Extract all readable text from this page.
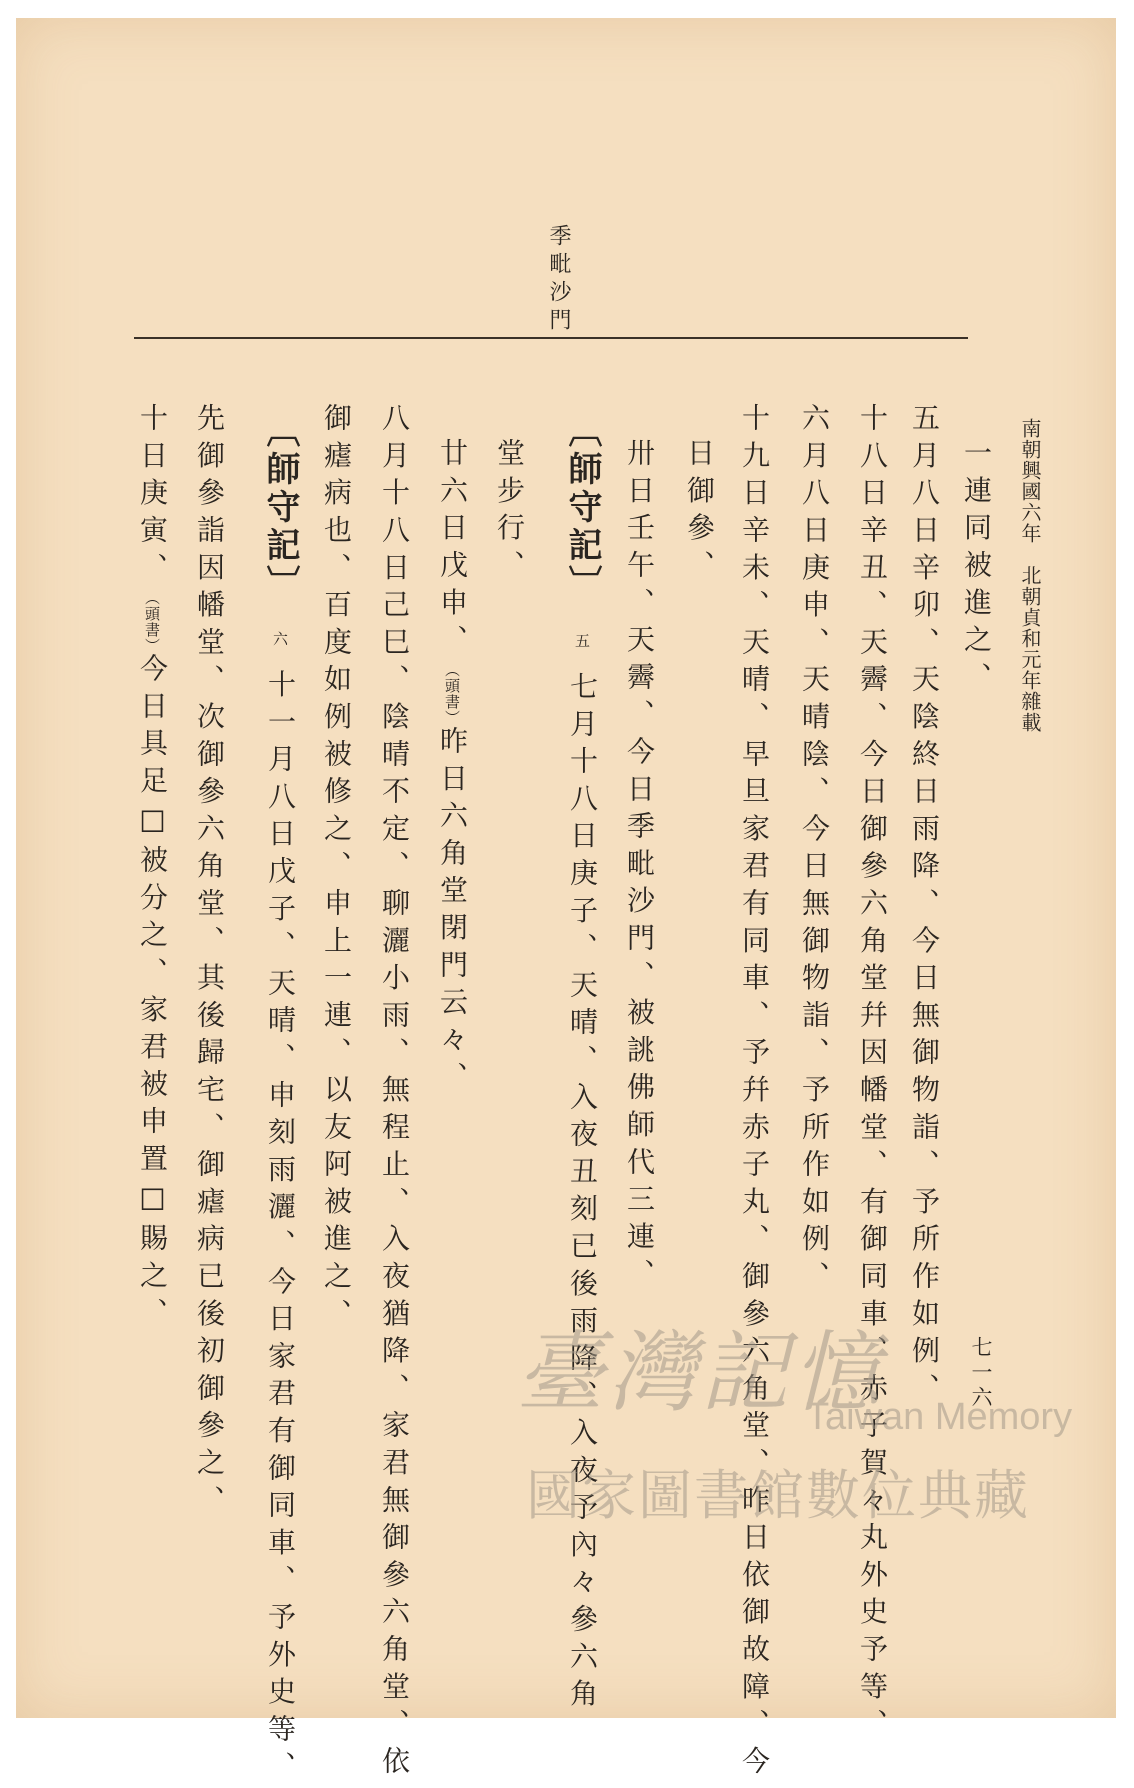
南朝興國六年　北朝貞和元年雜載
季毗沙門
七一六
一連同被進之、
五月八日辛卯、天陰終日雨降、今日無御物詣、予所作如例、
十八日辛丑、天霽、今日御參六角堂幷因幡堂、有御同車、赤子賀々丸外史予等、
六月八日庚申、天晴陰、今日無御物詣、予所作如例、
十九日辛未、天晴、早旦家君有同車、予幷赤子丸、御參六角堂、昨日依御故障、今
日御參、
卅日壬午、天霽、今日季毗沙門、被誂佛師代三連、
〔師守記〕五七月十八日庚子、天晴、入夜丑刻已後雨降、入夜予內々參六角
堂步行、
廿六日戊申、（頭書）昨日六角堂閉門云々、
八月十八日己巳、陰晴不定、聊灑小雨、無程止、入夜猶降、家君無御參六角堂、依
御瘧病也、百度如例被修之、申上一連、以友阿被進之、
〔師守記〕六十一月八日戊子、天晴、申刻雨灑、今日家君有御同車、予外史等、
先御參詣因幡堂、次御參六角堂、其後歸宅、御瘧病已後初御參之、
十日庚寅、（頭書）今日具足□被分之、家君被申置□賜之、
臺灣記憶
Taiwan Memory
國家圖書館數位典藏
